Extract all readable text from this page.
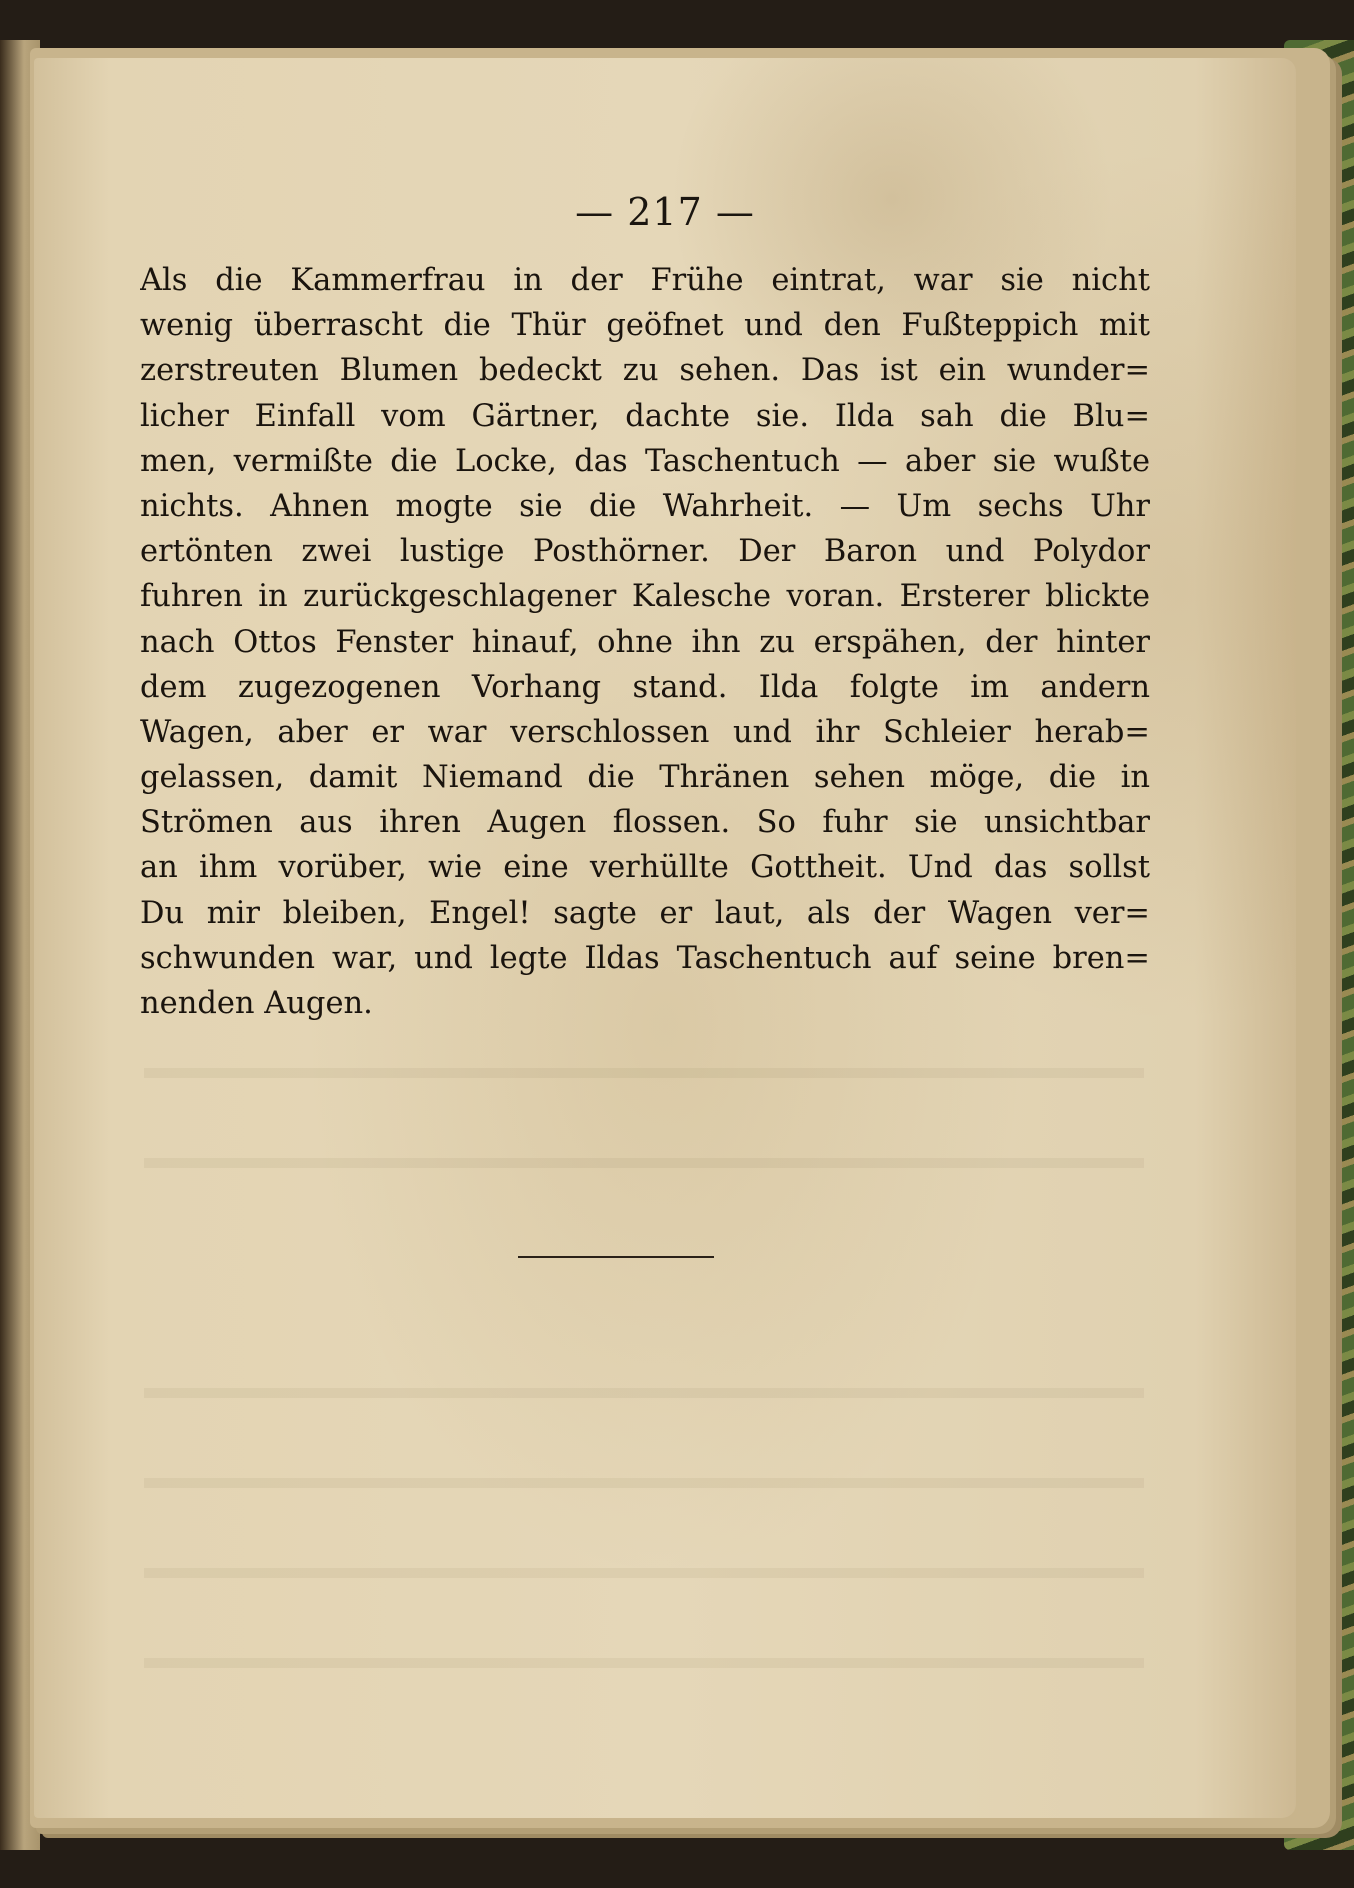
— 217 —

Als die Kammerfrau in der Frühe eintrat, war sie nicht
wenig überrascht die Thür geöfnet und den Fußteppich mit
zerstreuten Blumen bedeckt zu sehen. Das ist ein wunder=
licher Einfall vom Gärtner, dachte sie. Ilda sah die Blu=
men, vermißte die Locke, das Taschentuch — aber sie wußte
nichts. Ahnen mogte sie die Wahrheit. — Um sechs Uhr
ertönten zwei lustige Posthörner. Der Baron und Polydor
fuhren in zurückgeschlagener Kalesche voran. Ersterer blickte
nach Ottos Fenster hinauf, ohne ihn zu erspähen, der hinter
dem zugezogenen Vorhang stand. Ilda folgte im andern
Wagen, aber er war verschlossen und ihr Schleier herab=
gelassen, damit Niemand die Thränen sehen möge, die in
Strömen aus ihren Augen flossen. So fuhr sie unsichtbar
an ihm vorüber, wie eine verhüllte Gottheit. Und das sollst
Du mir bleiben, Engel! sagte er laut, als der Wagen ver=
schwunden war, und legte Ildas Taschentuch auf seine bren=
nenden Augen.
